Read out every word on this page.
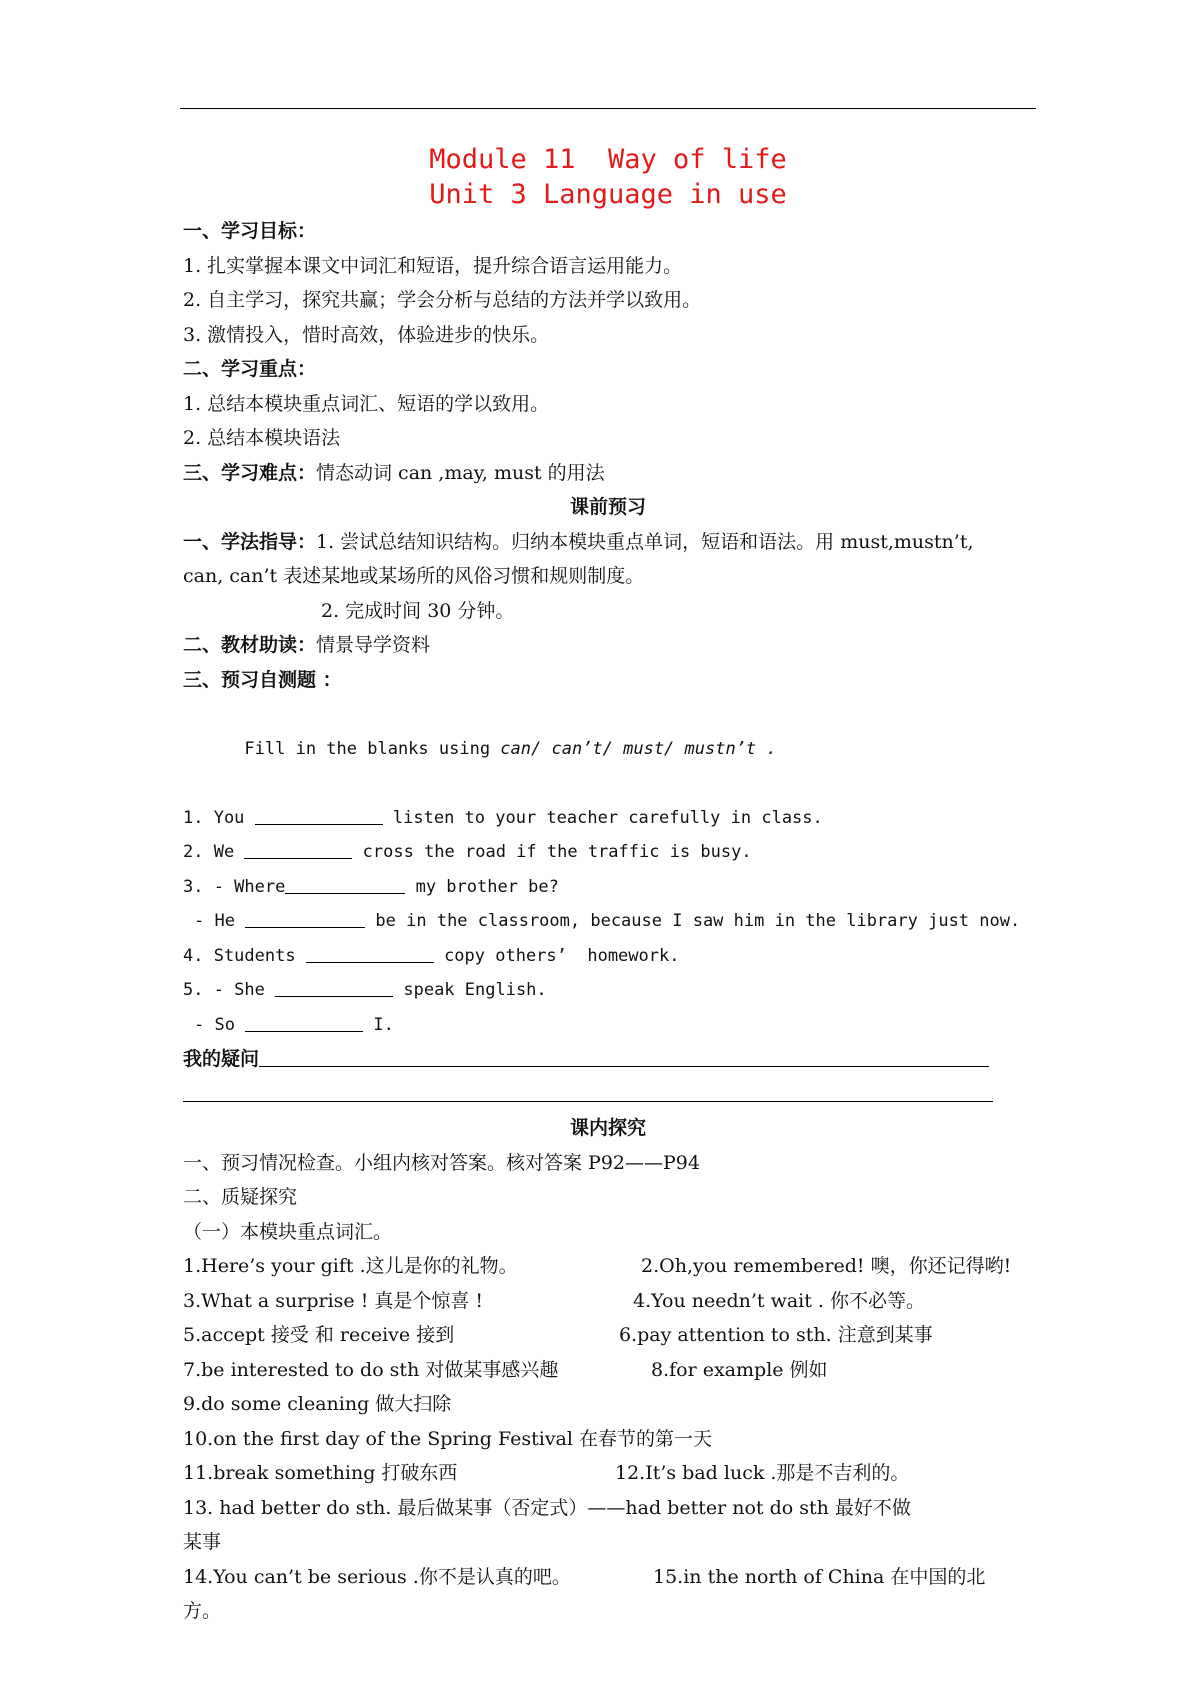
Module 11  Way of life
Unit 3 Language in use
一、学习目标：
1. 扎实掌握本课文中词汇和短语，提升综合语言运用能力。
2. 自主学习，探究共赢；学会分析与总结的方法并学以致用。
3. 激情投入，惜时高效，体验进步的快乐。
二、学习重点：
1. 总结本模块重点词汇、短语的学以致用。
2. 总结本模块语法
三、学习难点：情态动词 can ,may, must 的用法
课前预习
一、学法指导：1. 尝试总结知识结构。归纳本模块重点单词，短语和语法。用 must,mustn’t,
can, can’t 表述某地或某场所的风俗习惯和规则制度。
2. 完成时间 30 分钟。
二、教材助读：情景导学资料
三、预习自测题 ：

Fill in the blanks using can/ can’t/ must/ mustn’t .

1. You	listen to your teacher carefully in class.
2. We	cross the road if the traffic is busy.
3. - Where	my brother be?
- He	be in the classroom, because I saw him in the library just now.
4. Students	copy others’  homework.
5. - She	speak English.
- So	I.
我的疑问
课内探究
一、预习情况检查。小组内核对答案。核对答案 P92——P94
二、质疑探究
（一）本模块重点词汇。
1.Here’s your gift .这儿是你的礼物。	2.Oh,you remembered! 噢，你还记得哟!
3.What a surprise ! 真是个惊喜 !	4.You needn’t wait . 你不必等。
5.accept 接受 和 receive 接到	6.pay attention to sth. 注意到某事
7.be interested to do sth 对做某事感兴趣	8.for example 例如
9.do some cleaning 做大扫除
10.on the first day of the Spring Festival 在春节的第一天
11.break something 打破东西	12.It’s bad luck .那是不吉利的。
13. had better do sth. 最后做某事（否定式）——had better not do sth 最好不做
某事
14.You can’t be serious .你不是认真的吧。	15.in the north of China 在中国的北
方。
